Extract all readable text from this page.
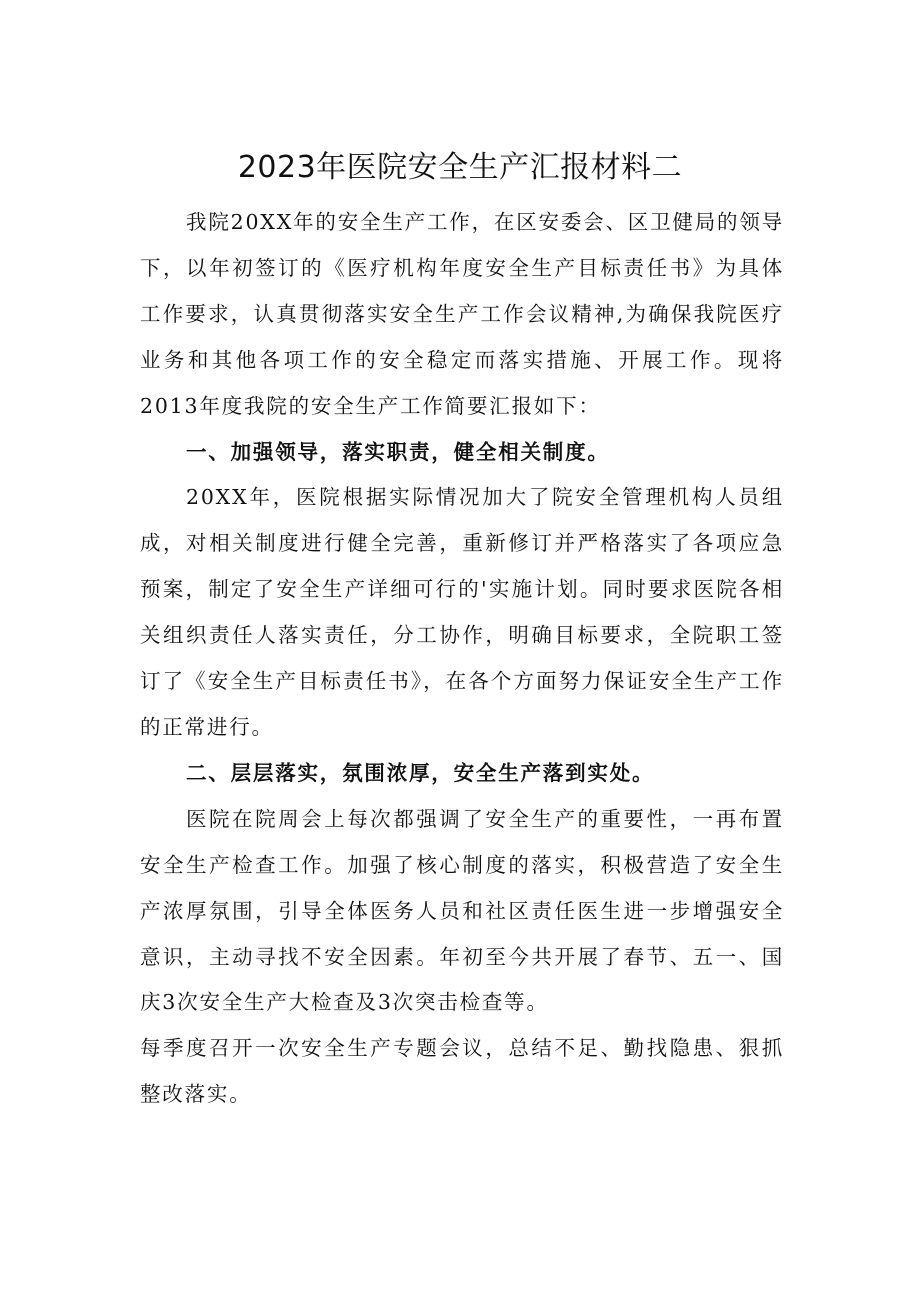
2023年医院安全生产汇报材料二

我院20XX年的安全生产工作，在区安委会、区卫健局的领导下，以年初签订的《医疗机构年度安全生产目标责任书》为具体工作要求，认真贯彻落实安全生产工作会议精神,为确保我院医疗业务和其他各项工作的安全稳定而落实措施、开展工作。现将2013年度我院的安全生产工作简要汇报如下：

一、加强领导，落实职责，健全相关制度。

20XX年，医院根据实际情况加大了院安全管理机构人员组成，对相关制度进行健全完善，重新修订并严格落实了各项应急预案，制定了安全生产详细可行的'实施计划。同时要求医院各相关组织责任人落实责任，分工协作，明确目标要求，全院职工签订了《安全生产目标责任书》，在各个方面努力保证安全生产工作的正常进行。

二、层层落实，氛围浓厚，安全生产落到实处。

医院在院周会上每次都强调了安全生产的重要性，一再布置安全生产检查工作。加强了核心制度的落实，积极营造了安全生产浓厚氛围，引导全体医务人员和社区责任医生进一步增强安全意识，主动寻找不安全因素。年初至今共开展了春节、五一、国庆3次安全生产大检查及3次突击检查等。

每季度召开一次安全生产专题会议，总结不足、勤找隐患、狠抓整改落实。
